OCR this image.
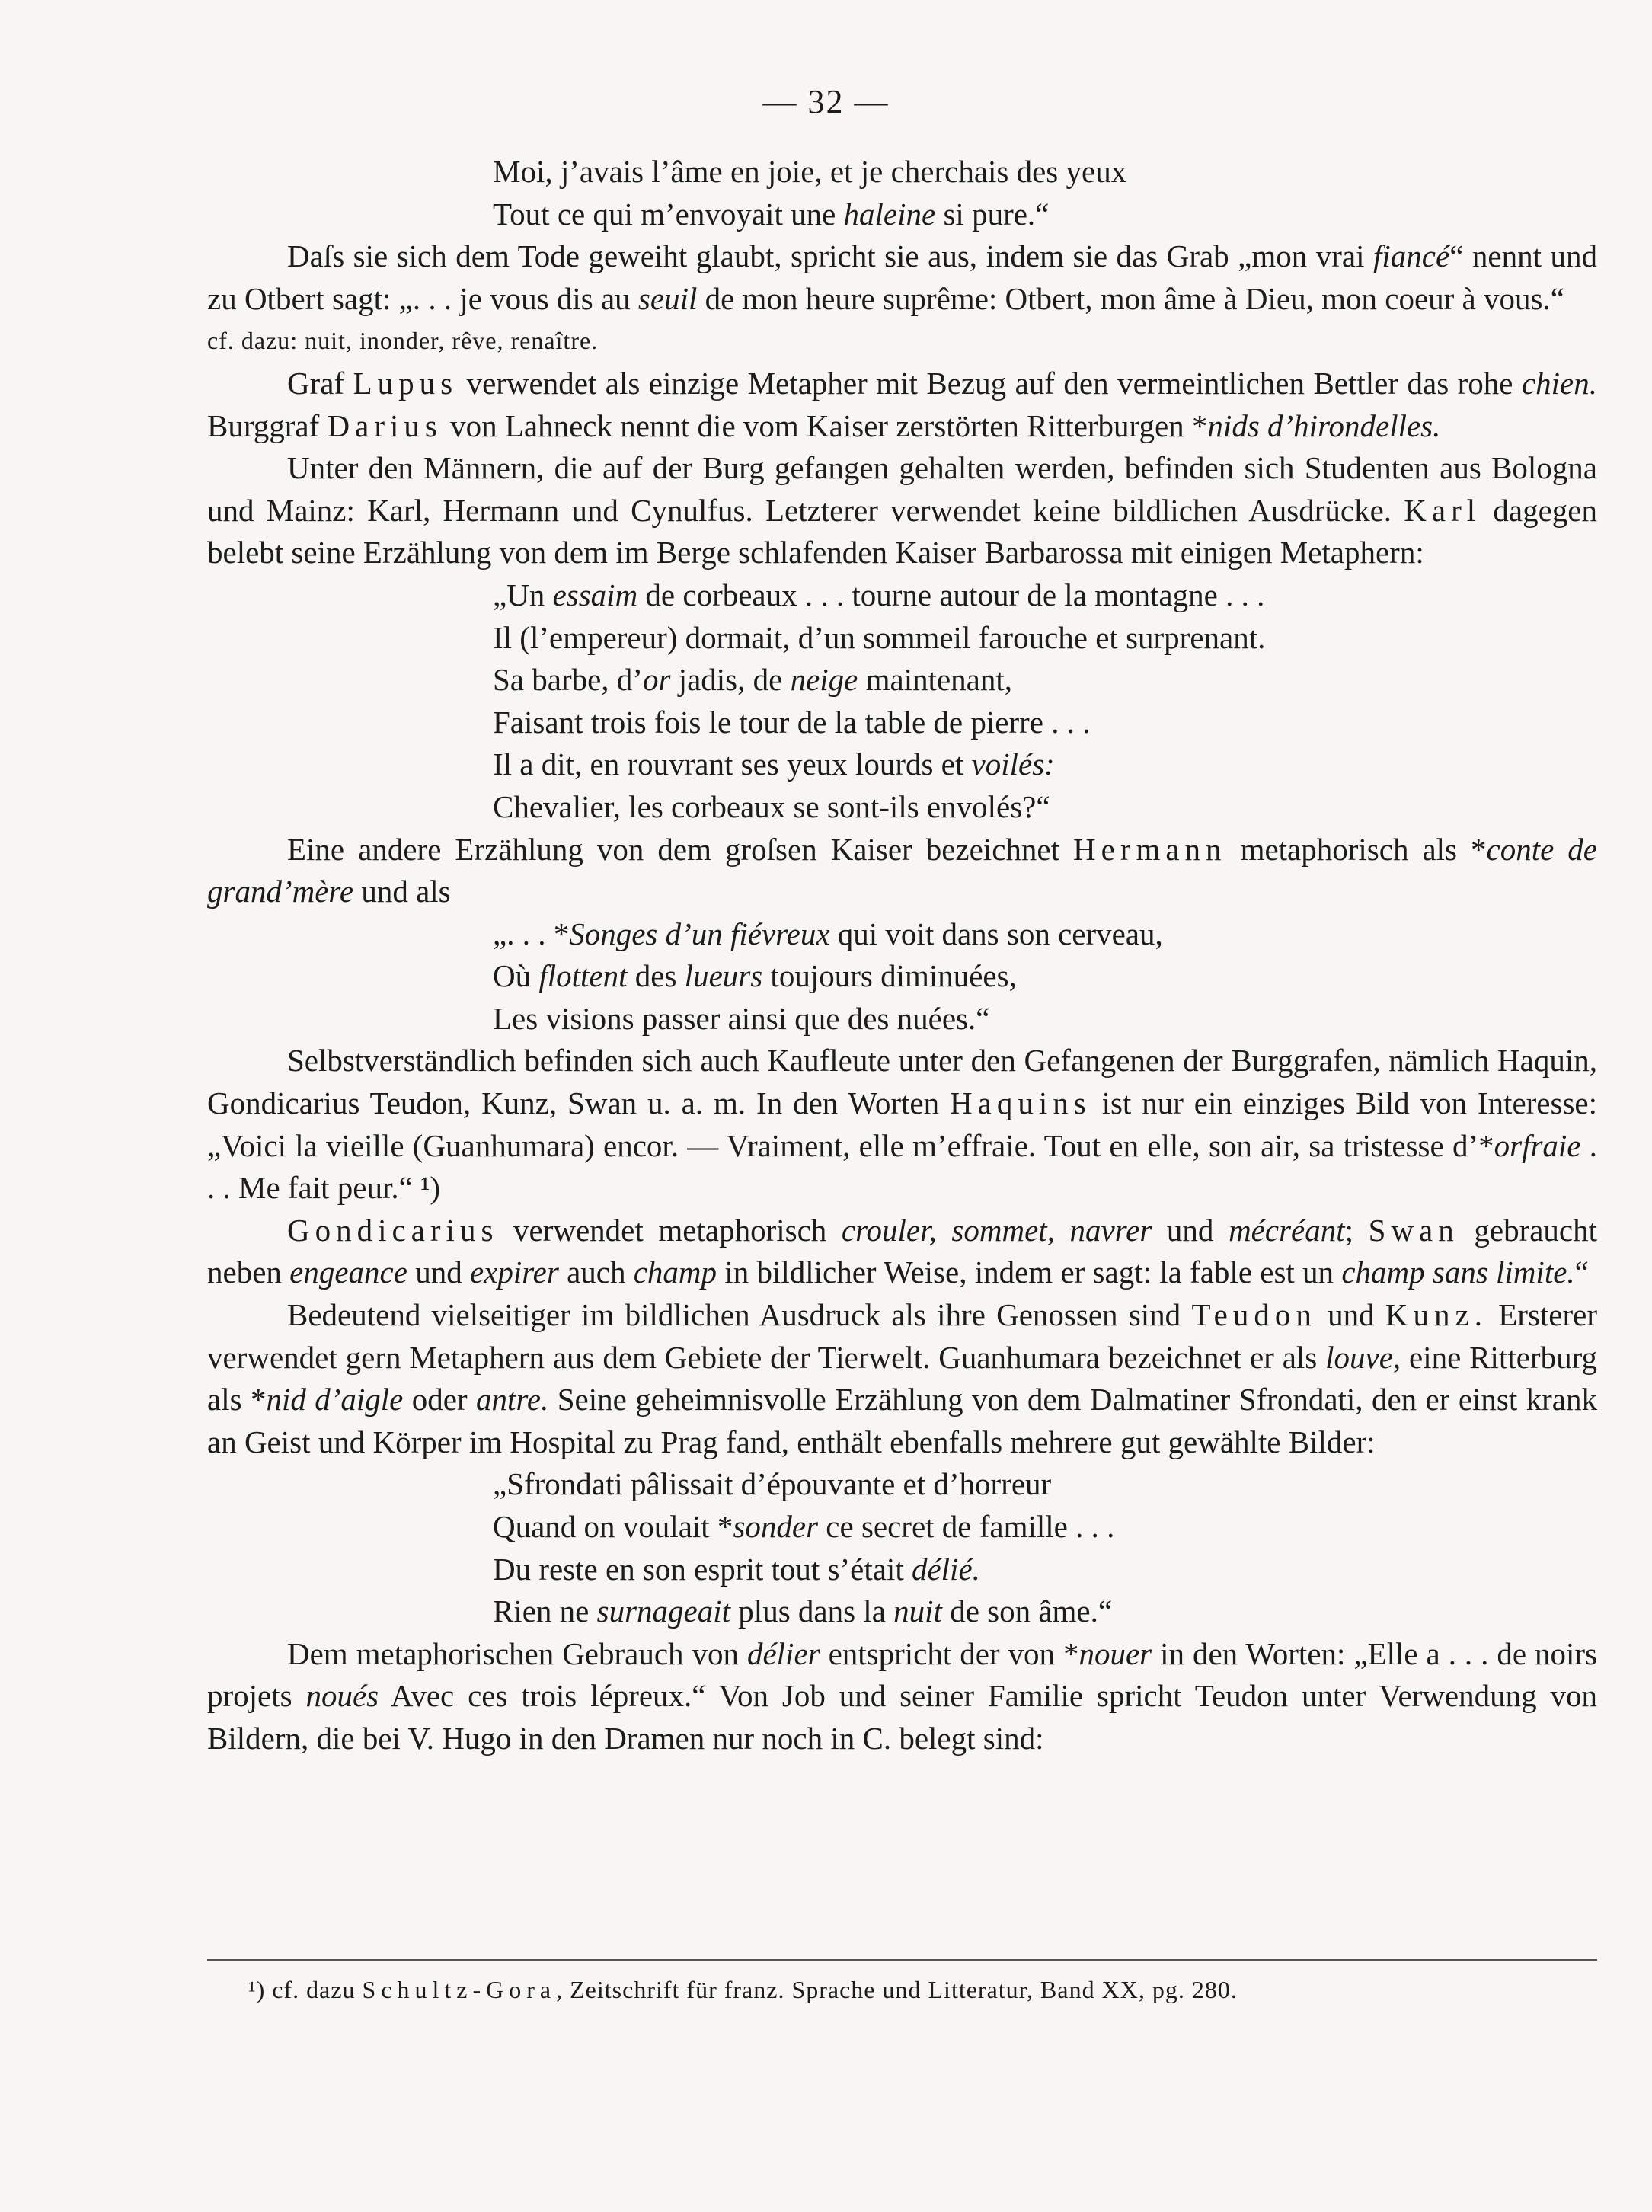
— 32 —
Moi, j’avais l’âme en joie, et je cherchais des yeux
Tout ce qui m’envoyait une haleine si pure.“

Daſs sie sich dem Tode geweiht glaubt, spricht sie aus, indem sie das Grab „mon vrai fiancé“ nennt und zu Otbert sagt: „. . . je vous dis au seuil de mon heure suprême: Otbert, mon âme à Dieu, mon coeur à vous.“

cf. dazu: nuit, inonder, rêve, renaître.

Graf Lupus verwendet als einzige Metapher mit Bezug auf den vermeintlichen Bettler das rohe chien. Burggraf Darius von Lahneck nennt die vom Kaiser zerstörten Ritterburgen *nids d’hirondelles.

Unter den Männern, die auf der Burg gefangen gehalten werden, befinden sich Studenten aus Bologna und Mainz: Karl, Hermann und Cynulfus. Letzterer verwendet keine bildlichen Ausdrücke. Karl dagegen belebt seine Erzählung von dem im Berge schlafenden Kaiser Barbarossa mit einigen Metaphern:

„Un essaim de corbeaux . . . tourne autour de la montagne . . .
Il (l’empereur) dormait, d’un sommeil farouche et surprenant.
Sa barbe, d’or jadis, de neige maintenant,
Faisant trois fois le tour de la table de pierre . . .
Il a dit, en rouvrant ses yeux lourds et voilés:
Chevalier, les corbeaux se sont-ils envolés?“

Eine andere Erzählung von dem groſsen Kaiser bezeichnet Hermann metaphorisch als *conte de grand’mère und als

„. . . *Songes d’un fiévreux qui voit dans son cerveau,
Où flottent des lueurs toujours diminuées,
Les visions passer ainsi que des nuées.“

Selbstverständlich befinden sich auch Kaufleute unter den Gefangenen der Burggrafen, nämlich Haquin, Gondicarius Teudon, Kunz, Swan u. a. m. In den Worten Haquins ist nur ein einziges Bild von Interesse: „Voici la vieille (Guanhumara) encor. — Vraiment, elle m’effraie. Tout en elle, son air, sa tristesse d’*orfraie . . . Me fait peur.“ ¹)

Gondicarius verwendet metaphorisch crouler, sommet, navrer und mécréant; Swan gebraucht neben engeance und expirer auch champ in bildlicher Weise, indem er sagt: la fable est un champ sans limite.“

Bedeutend vielseitiger im bildlichen Ausdruck als ihre Genossen sind Teudon und Kunz. Ersterer verwendet gern Metaphern aus dem Gebiete der Tierwelt. Guanhumara bezeichnet er als louve, eine Ritterburg als *nid d’aigle oder antre. Seine geheimnisvolle Erzählung von dem Dalmatiner Sfrondati, den er einst krank an Geist und Körper im Hospital zu Prag fand, enthält ebenfalls mehrere gut gewählte Bilder:

„Sfrondati pâlissait d’épouvante et d’horreur
Quand on voulait *sonder ce secret de famille . . .
Du reste en son esprit tout s’était délié.
Rien ne surnageait plus dans la nuit de son âme.“

Dem metaphorischen Gebrauch von délier entspricht der von *nouer in den Worten: „Elle a . . . de noirs projets noués Avec ces trois lépreux.“ Von Job und seiner Familie spricht Teudon unter Verwendung von Bildern, die bei V. Hugo in den Dramen nur noch in C. belegt sind:

¹) cf. dazu Schultz-Gora, Zeitschrift für franz. Sprache und Litteratur, Band XX, pg. 280.
